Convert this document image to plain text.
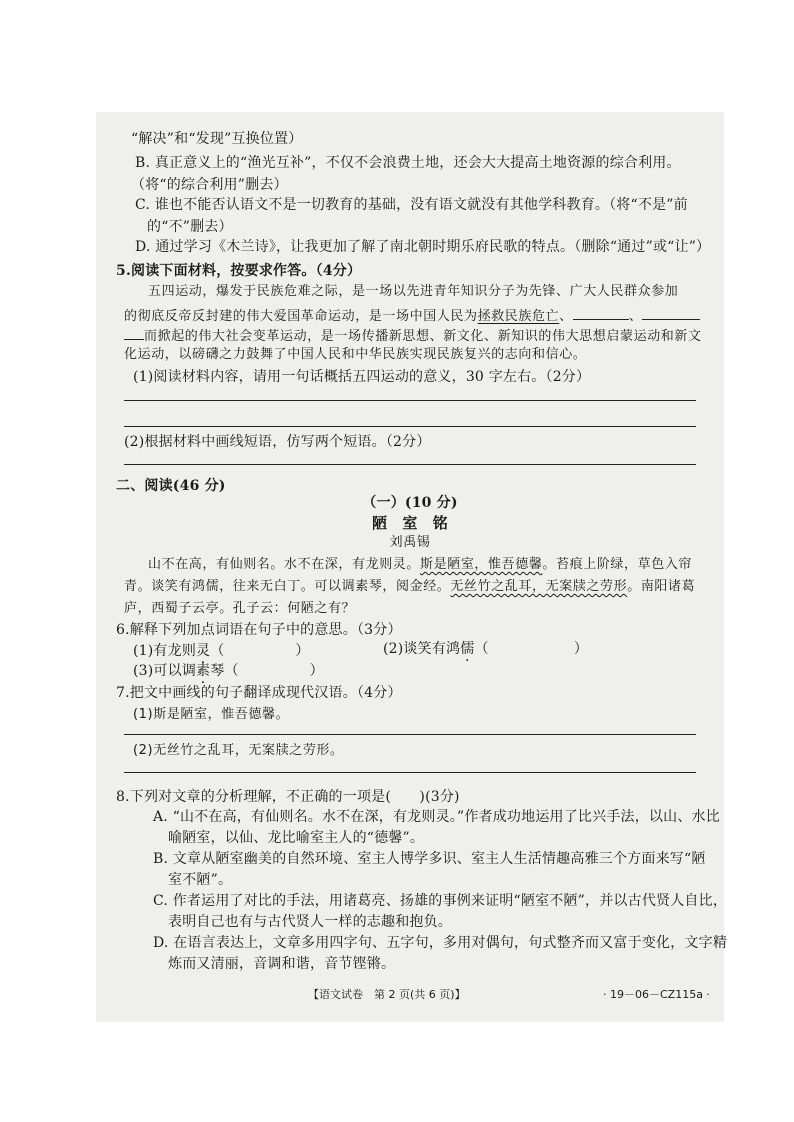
“解决”和“发现”互换位置）
B. 真正意义上的“渔光互补”，不仅不会浪费土地，还会大大提高土地资源的综合利用。
（将“的综合利用”删去）
C. 谁也不能否认语文不是一切教育的基础，没有语文就没有其他学科教育。（将“不是”前
的“不”删去）
D. 通过学习《木兰诗》，让我更加了解了南北朝时期乐府民歌的特点。（删除“通过”或“让”）
5.阅读下面材料，按要求作答。（4分）
五四运动，爆发于民族危难之际，是一场以先进青年知识分子为先锋、广大人民群众参加
的彻底反帝反封建的伟大爱国革命运动，是一场中国人民为拯救民族危亡、	、
而掀起的伟大社会变革运动，是一场传播新思想、新文化、新知识的伟大思想启蒙运动和新文
化运动，以磅礴之力鼓舞了中国人民和中华民族实现民族复兴的志向和信心。
(1)阅读材料内容，请用一句话概括五四运动的意义，30 字左右。（2分）
(2)根据材料中画线短语，仿写两个短语。（2分）
二、阅读(46 分)
（一）(10 分)
陋　室　铭
刘禹锡
山不在高，有仙则名。水不在深，有龙则灵。斯是陋室，惟吾德馨。苔痕上阶绿，草色入帘
青。谈笑有鸿儒，往来无白丁。可以调素琴，阅金经。无丝竹之乱耳，无案牍之劳形。南阳诸葛
庐，西蜀子云亭。孔子云：何陋之有？
6.解释下列加点词语在句子中的意思。（3分）
(1)有龙则灵（　　　　　）	(2)谈笑有鸿儒（　　　　　　）
(3)可以调素琴（　　　　　）
7.把文中画线的句子翻译成现代汉语。（4分）
(1)斯是陋室，惟吾德馨。
(2)无丝竹之乱耳，无案牍之劳形。
8.下列对文章的分析理解，不正确的一项是(　　)(3分)
A. “山不在高，有仙则名。水不在深，有龙则灵。”作者成功地运用了比兴手法，以山、水比
喻陋室，以仙、龙比喻室主人的“德馨”。
B. 文章从陋室幽美的自然环境、室主人博学多识、室主人生活情趣高雅三个方面来写“陋
室不陋”。
C. 作者运用了对比的手法，用诸葛亮、扬雄的事例来证明“陋室不陋”，并以古代贤人自比，
表明自己也有与古代贤人一样的志趣和抱负。
D. 在语言表达上，文章多用四字句、五字句，多用对偶句，句式整齐而又富于变化，文字精
炼而又清丽，音调和谐，音节铿锵。
【语文试卷　第 2 页(共 6 页)】	· 19－06－CZ115a ·
